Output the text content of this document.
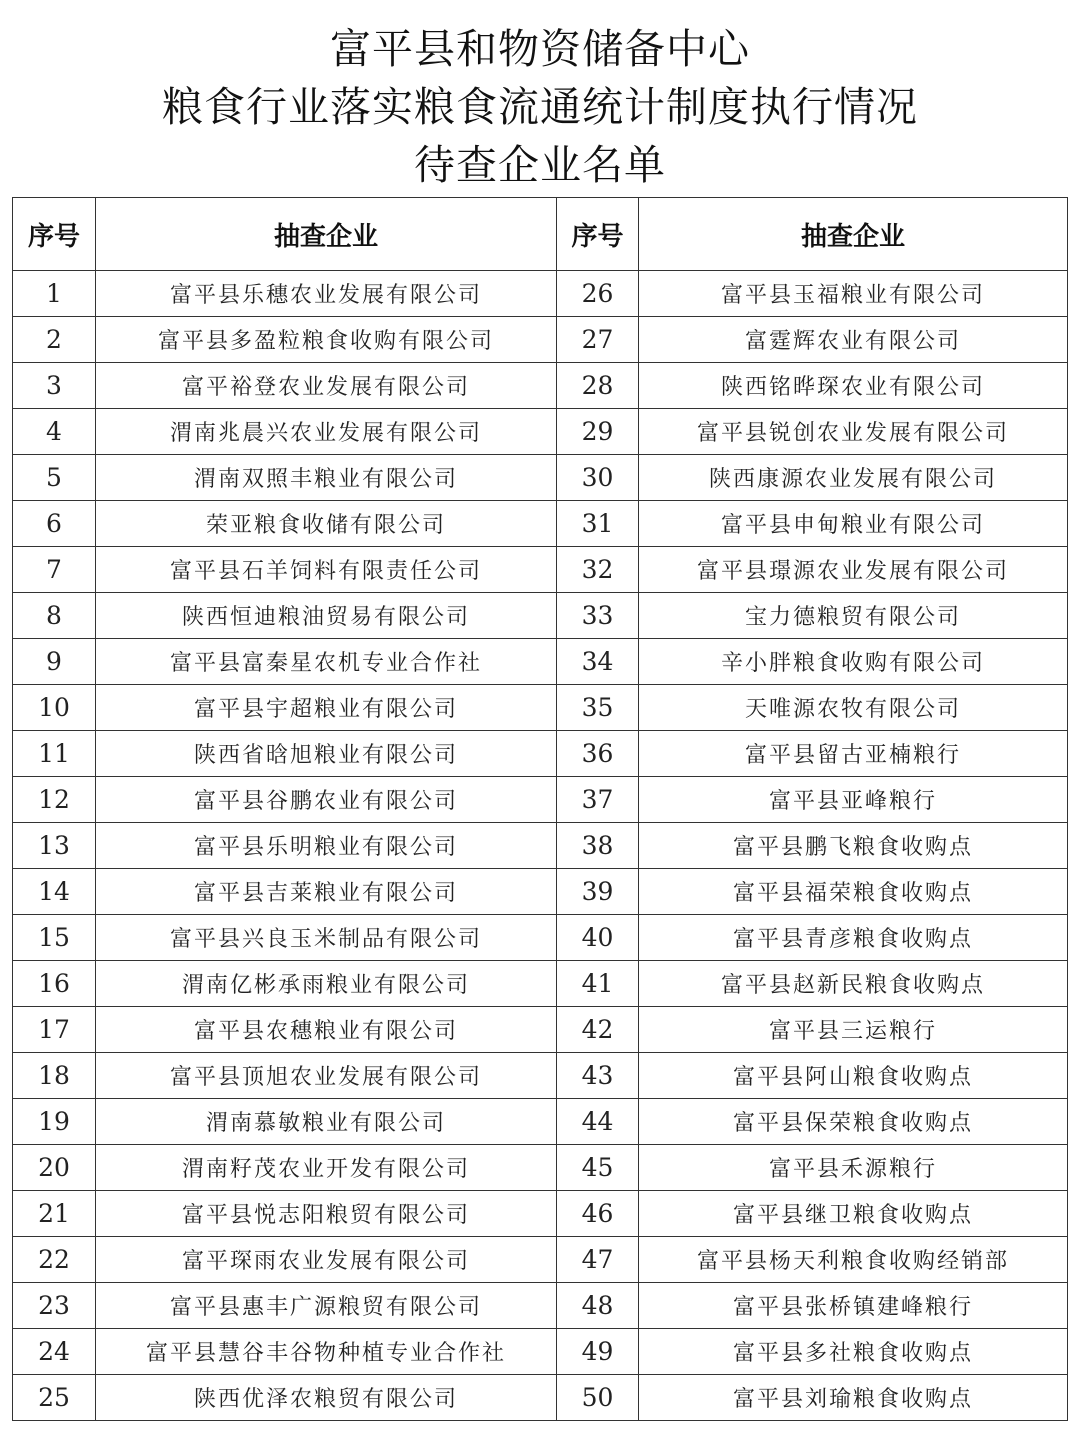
富平县和物资储备中心
粮食行业落实粮食流通统计制度执行情况
待查企业名单
序号	抽查企业	序号	抽查企业
1	富平县乐穗农业发展有限公司	26	富平县玉福粮业有限公司
2	富平县多盈粒粮食收购有限公司	27	富霆辉农业有限公司
3	富平裕登农业发展有限公司	28	陕西铭晔琛农业有限公司
4	渭南兆晨兴农业发展有限公司	29	富平县锐创农业发展有限公司
5	渭南双照丰粮业有限公司	30	陕西康源农业发展有限公司
6	荣亚粮食收储有限公司	31	富平县申甸粮业有限公司
7	富平县石羊饲料有限责任公司	32	富平县璟源农业发展有限公司
8	陕西恒迪粮油贸易有限公司	33	宝力德粮贸有限公司
9	富平县富秦星农机专业合作社	34	辛小胖粮食收购有限公司
10	富平县宇超粮业有限公司	35	天唯源农牧有限公司
11	陕西省晗旭粮业有限公司	36	富平县留古亚楠粮行
12	富平县谷鹏农业有限公司	37	富平县亚峰粮行
13	富平县乐明粮业有限公司	38	富平县鹏飞粮食收购点
14	富平县吉莱粮业有限公司	39	富平县福荣粮食收购点
15	富平县兴良玉米制品有限公司	40	富平县青彦粮食收购点
16	渭南亿彬承雨粮业有限公司	41	富平县赵新民粮食收购点
17	富平县农穗粮业有限公司	42	富平县三运粮行
18	富平县顶旭农业发展有限公司	43	富平县阿山粮食收购点
19	渭南慕敏粮业有限公司	44	富平县保荣粮食收购点
20	渭南籽茂农业开发有限公司	45	富平县禾源粮行
21	富平县悦志阳粮贸有限公司	46	富平县继卫粮食收购点
22	富平琛雨农业发展有限公司	47	富平县杨天利粮食收购经销部
23	富平县惠丰广源粮贸有限公司	48	富平县张桥镇建峰粮行
24	富平县慧谷丰谷物种植专业合作社	49	富平县多社粮食收购点
25	陕西优泽农粮贸有限公司	50	富平县刘瑜粮食收购点
